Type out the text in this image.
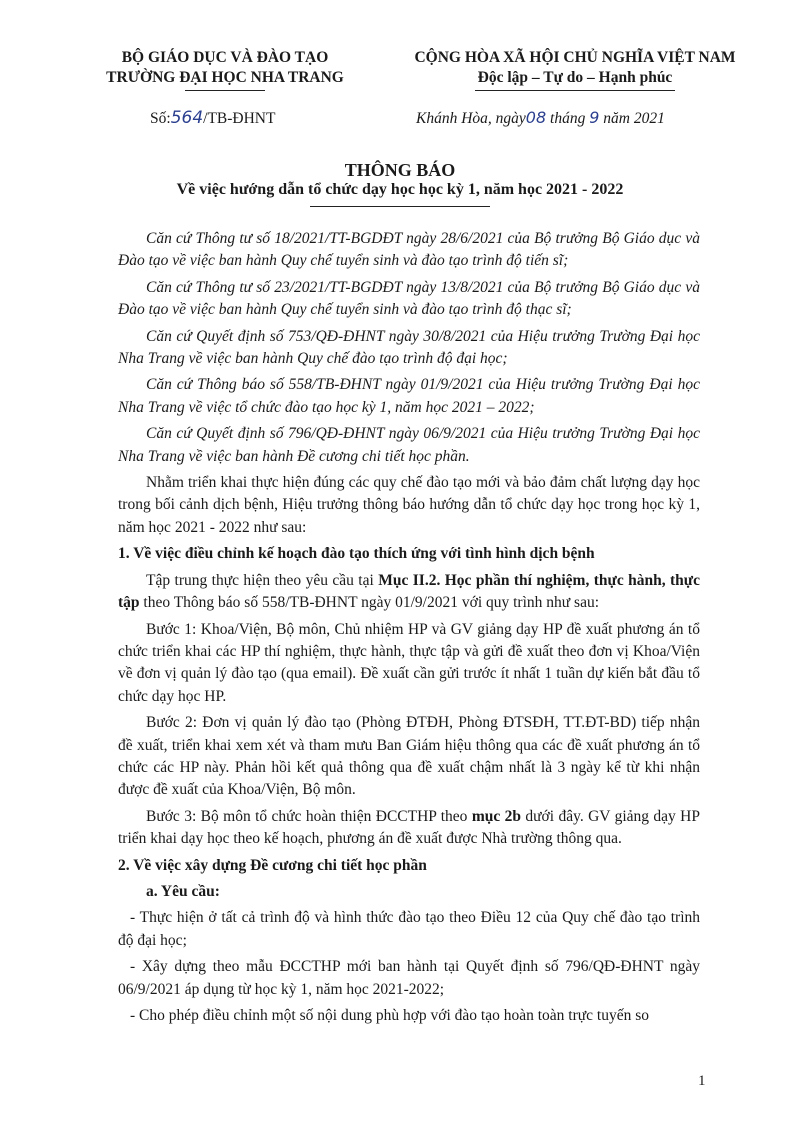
BỘ GIÁO DỤC VÀ ĐÀO TẠO
TRƯỜNG ĐẠI HỌC NHA TRANG
CỘNG HÒA XÃ HỘI CHỦ NGHĨA VIỆT NAM
Độc lập – Tự do – Hạnh phúc
Số:564/TB-ĐHNT	Khánh Hòa, ngày08 tháng 9 năm 2021
THÔNG BÁO
Về việc hướng dẫn tổ chức dạy học học kỳ 1, năm học 2021 - 2022

Căn cứ Thông tư số 18/2021/TT-BGDĐT ngày 28/6/2021 của Bộ trưởng Bộ Giáo dục và Đào tạo về việc ban hành Quy chế tuyển sinh và đào tạo trình độ tiến sĩ;

Căn cứ Thông tư số 23/2021/TT-BGDĐT ngày 13/8/2021 của Bộ trưởng Bộ Giáo dục và Đào tạo về việc ban hành Quy chế tuyển sinh và đào tạo trình độ thạc sĩ;

Căn cứ Quyết định số 753/QĐ-ĐHNT ngày 30/8/2021 của Hiệu trưởng Trường Đại học Nha Trang về việc ban hành Quy chế đào tạo trình độ đại học;

Căn cứ Thông báo số 558/TB-ĐHNT ngày 01/9/2021 của Hiệu trưởng Trường Đại học Nha Trang về việc tổ chức đào tạo học kỳ 1, năm học 2021 – 2022;

Căn cứ Quyết định số 796/QĐ-ĐHNT ngày 06/9/2021 của Hiệu trưởng Trường Đại học Nha Trang về việc ban hành Đề cương chi tiết học phần.

Nhằm triển khai thực hiện đúng các quy chế đào tạo mới và bảo đảm chất lượng dạy học trong bối cảnh dịch bệnh, Hiệu trưởng thông báo hướng dẫn tổ chức dạy học trong học kỳ 1, năm học 2021 - 2022 như sau:

1. Về việc điều chỉnh kế hoạch đào tạo thích ứng với tình hình dịch bệnh

Tập trung thực hiện theo yêu cầu tại Mục II.2. Học phần thí nghiệm, thực hành, thực tập theo Thông báo số 558/TB-ĐHNT ngày 01/9/2021 với quy trình như sau:

Bước 1: Khoa/Viện, Bộ môn, Chủ nhiệm HP và GV giảng dạy HP đề xuất phương án tổ chức triển khai các HP thí nghiệm, thực hành, thực tập và gửi đề xuất theo đơn vị Khoa/Viện về đơn vị quản lý đào tạo (qua email). Đề xuất cần gửi trước ít nhất 1 tuần dự kiến bắt đầu tổ chức dạy học HP.

Bước 2: Đơn vị quản lý đào tạo (Phòng ĐTĐH, Phòng ĐTSĐH, TT.ĐT-BD) tiếp nhận đề xuất, triển khai xem xét và tham mưu Ban Giám hiệu thông qua các đề xuất phương án tổ chức các HP này. Phản hồi kết quả thông qua đề xuất chậm nhất là 3 ngày kể từ khi nhận được đề xuất của Khoa/Viện, Bộ môn.

Bước 3: Bộ môn tổ chức hoàn thiện ĐCCTHP theo mục 2b dưới đây. GV giảng dạy HP triển khai dạy học theo kế hoạch, phương án đề xuất được Nhà trường thông qua.

2. Về việc xây dựng Đề cương chi tiết học phần

a. Yêu cầu:

- Thực hiện ở tất cả trình độ và hình thức đào tạo theo Điều 12 của Quy chế đào tạo trình độ đại học;

- Xây dựng theo mẫu ĐCCTHP mới ban hành tại Quyết định số 796/QĐ-ĐHNT ngày 06/9/2021 áp dụng từ học kỳ 1, năm học 2021-2022;

- Cho phép điều chỉnh một số nội dung phù hợp với đào tạo hoàn toàn trực tuyến so

1
